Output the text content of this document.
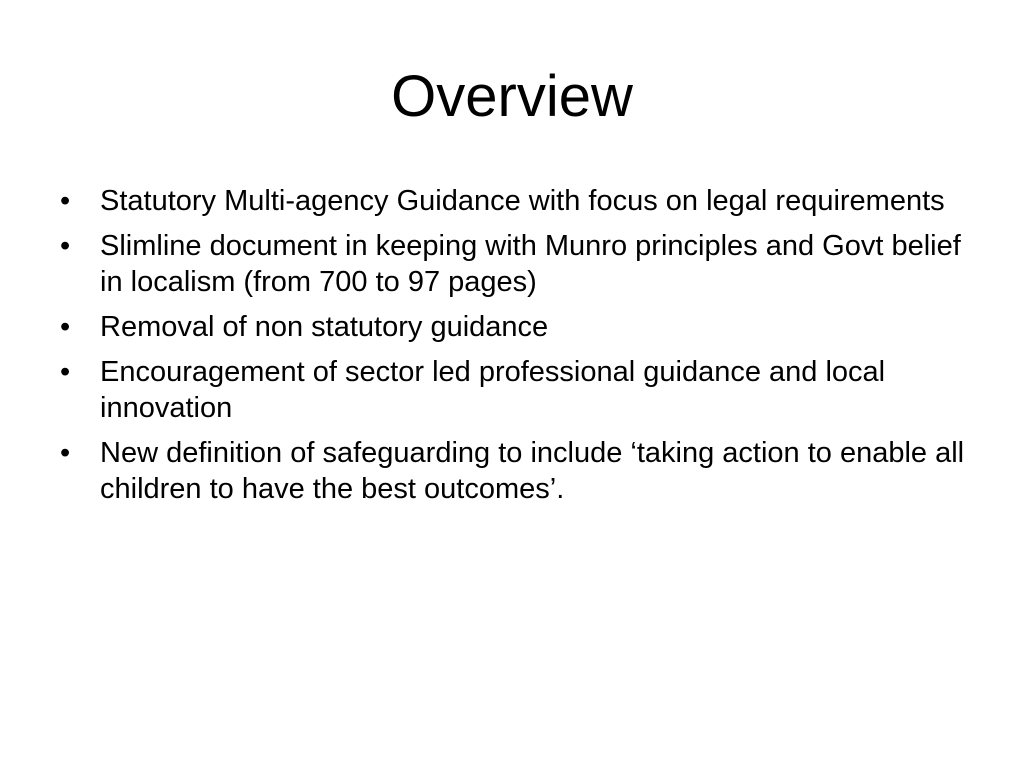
Overview
•	Statutory Multi-agency Guidance with focus on legal requirements
•	Slimline document in keeping with Munro principles and Govt belief in localism (from 700 to 97 pages)
•	Removal of non statutory guidance
•	Encouragement of sector led professional guidance and local innovation
•	New definition of safeguarding to include ‘taking action to enable all children to have the best outcomes’.
